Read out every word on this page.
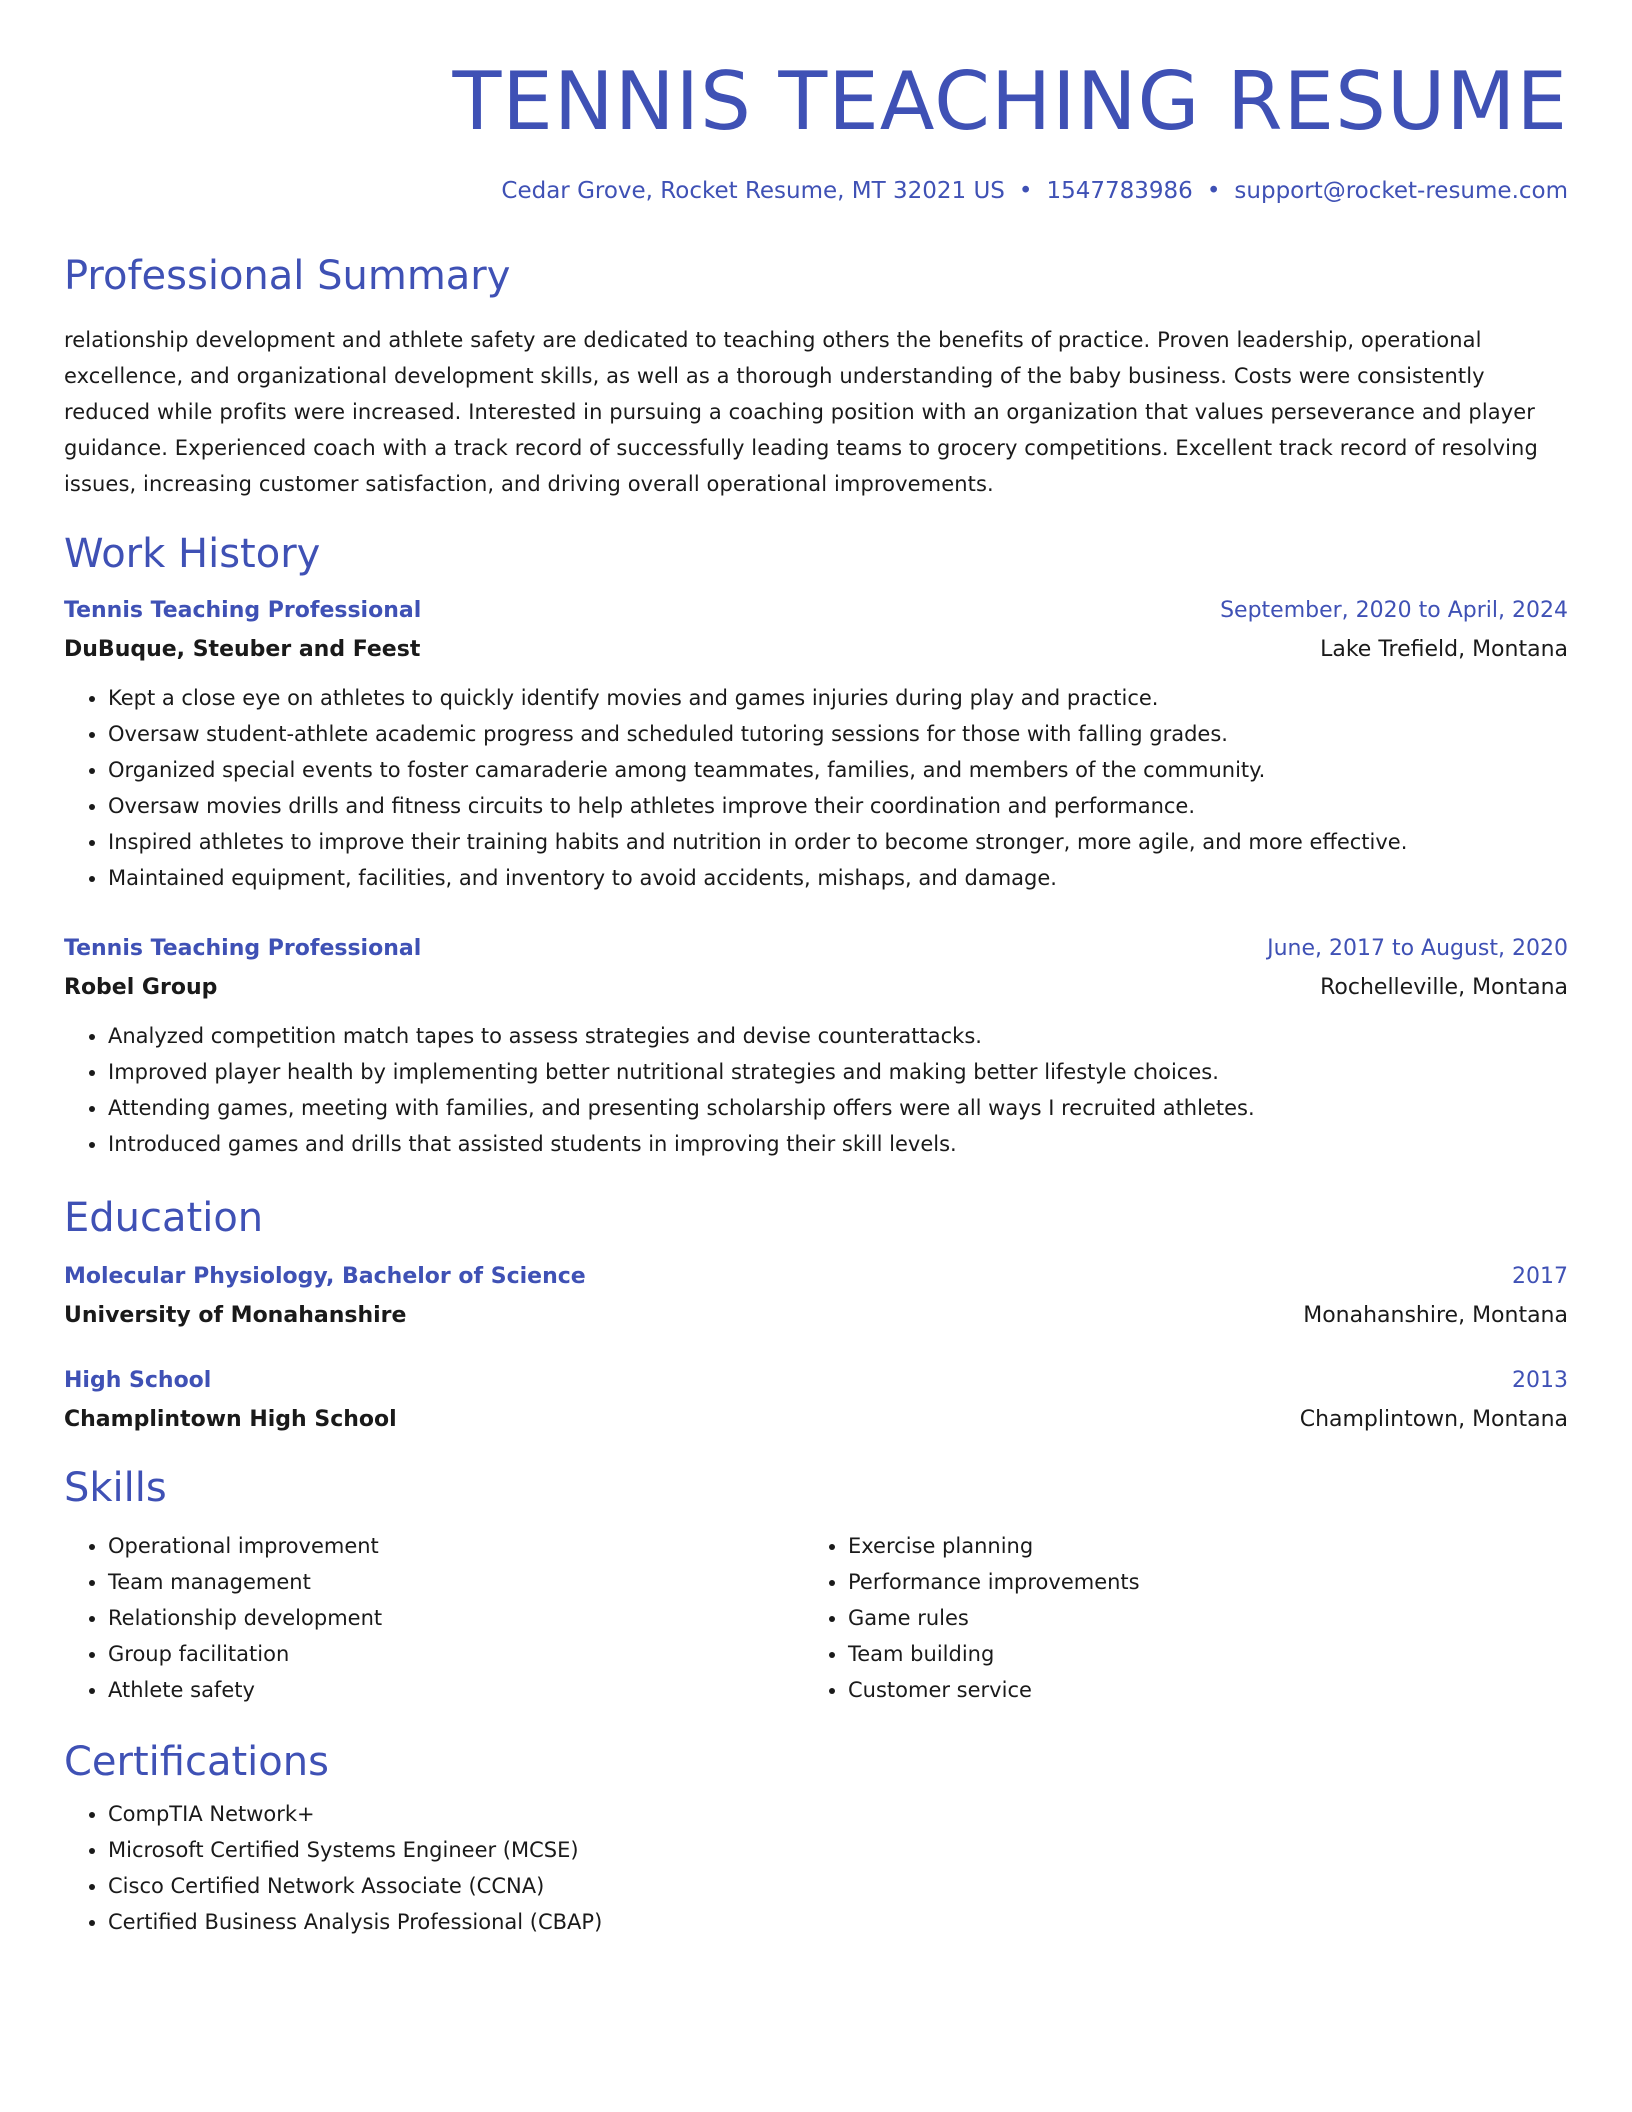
TENNIS TEACHING RESUME
Cedar Grove, Rocket Resume, MT 32021 US • 1547783986 • support@rocket-resume.com
Professional Summary
relationship development and athlete safety are dedicated to teaching others the benefits of practice. Proven leadership, operational excellence, and organizational development skills, as well as a thorough understanding of the baby business. Costs were consistently reduced while profits were increased. Interested in pursuing a coaching position with an organization that values perseverance and player guidance. Experienced coach with a track record of successfully leading teams to grocery competitions. Excellent track record of resolving issues, increasing customer satisfaction, and driving overall operational improvements.
Work History
Tennis Teaching Professional	September, 2020 to April, 2024
DuBuque, Steuber and Feest	Lake Trefield, Montana
• Kept a close eye on athletes to quickly identify movies and games injuries during play and practice.
• Oversaw student-athlete academic progress and scheduled tutoring sessions for those with falling grades.
• Organized special events to foster camaraderie among teammates, families, and members of the community.
• Oversaw movies drills and fitness circuits to help athletes improve their coordination and performance.
• Inspired athletes to improve their training habits and nutrition in order to become stronger, more agile, and more effective.
• Maintained equipment, facilities, and inventory to avoid accidents, mishaps, and damage.
Tennis Teaching Professional	June, 2017 to August, 2020
Robel Group	Rochelleville, Montana
• Analyzed competition match tapes to assess strategies and devise counterattacks.
• Improved player health by implementing better nutritional strategies and making better lifestyle choices.
• Attending games, meeting with families, and presenting scholarship offers were all ways I recruited athletes.
• Introduced games and drills that assisted students in improving their skill levels.
Education
Molecular Physiology, Bachelor of Science	2017
University of Monahanshire	Monahanshire, Montana
High School	2013
Champlintown High School	Champlintown, Montana
Skills
• Operational improvement
• Team management
• Relationship development
• Group facilitation
• Athlete safety
• Exercise planning
• Performance improvements
• Game rules
• Team building
• Customer service
Certifications
• CompTIA Network+
• Microsoft Certified Systems Engineer (MCSE)
• Cisco Certified Network Associate (CCNA)
• Certified Business Analysis Professional (CBAP)
